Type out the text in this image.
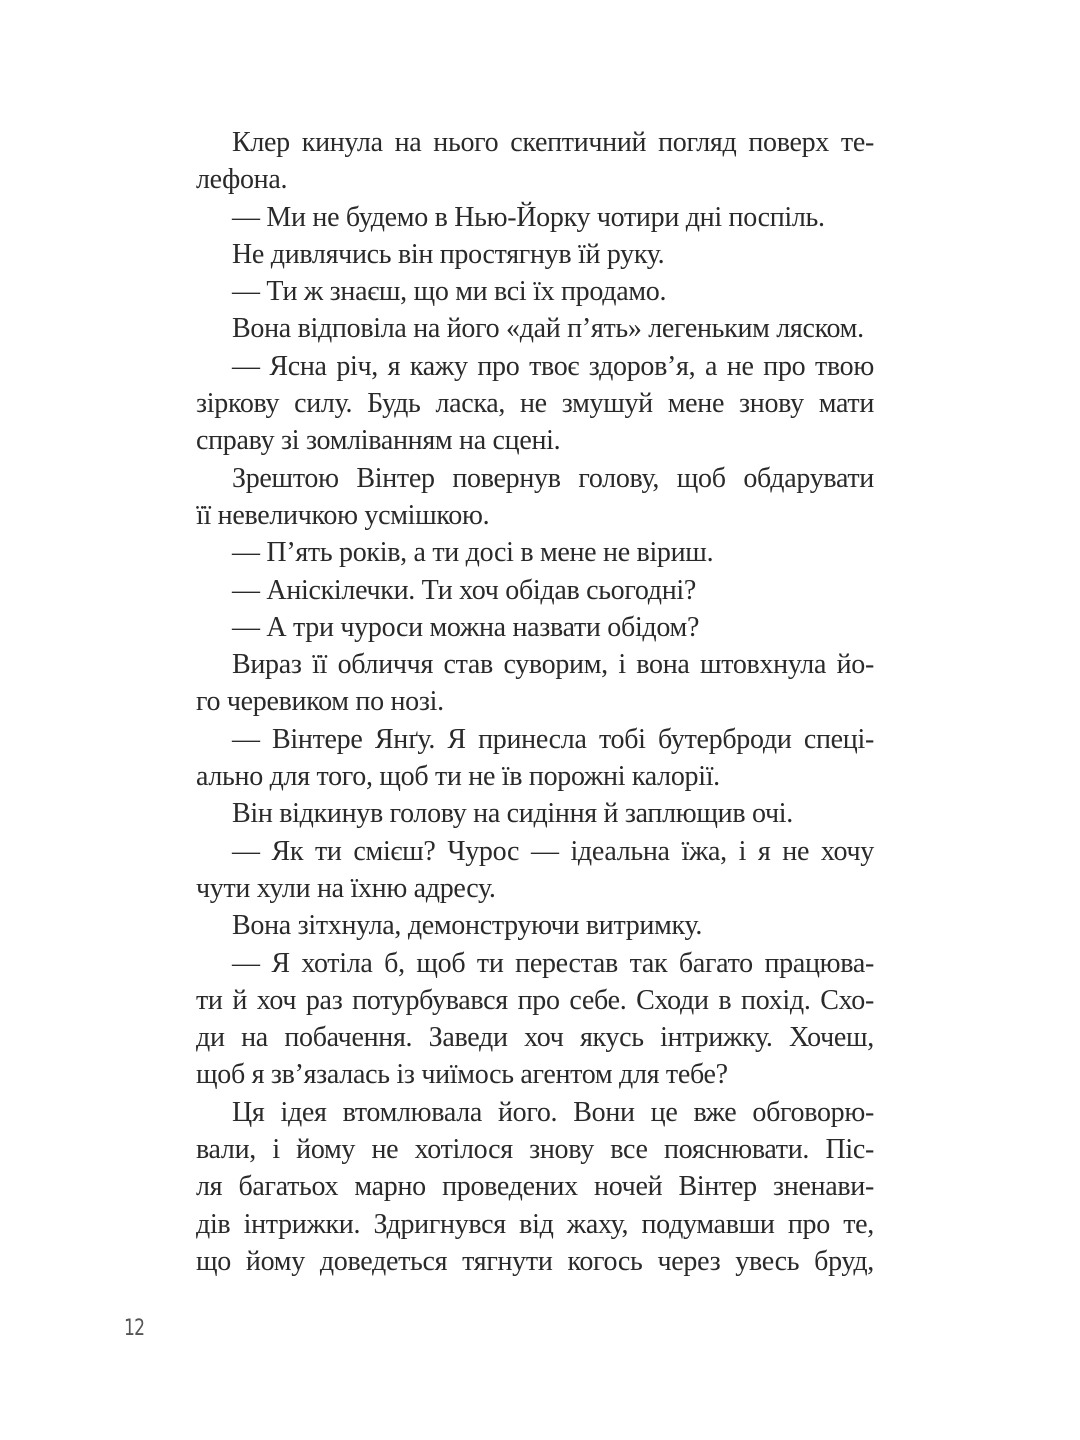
Клер кинула на нього скептичний погляд поверх те-
лефона.
— Ми не будемо в Нью-Йорку чотири дні поспіль.
Не дивлячись він простягнув їй руку.
— Ти ж знаєш, що ми всі їх продамо.
Вона відповіла на його «дай п’ять» легеньким ляском.
— Ясна річ, я кажу про твоє здоров’я, а не про твою
зіркову силу. Будь ласка, не змушуй мене знову мати
справу зі зомліванням на сцені.
Зрештою Вінтер повернув голову, щоб обдарувати
її невеличкою усмішкою.
— П’ять років, а ти досі в мене не віриш.
— Аніскілечки. Ти хоч обідав сьогодні?
— А три чуроси можна назвати обідом?
Вираз її обличчя став суворим, і вона штовхнула йо-
го черевиком по нозі.
— Вінтере Янґу. Я принесла тобі бутерброди спеці-
ально для того, щоб ти не їв порожні калорії.
Він відкинув голову на сидіння й заплющив очі.
— Як ти смієш? Чурос — ідеальна їжа, і я не хочу
чути хули на їхню адресу.
Вона зітхнула, демонструючи витримку.
— Я хотіла б, щоб ти перестав так багато працюва-
ти й хоч раз потурбувався про себе. Сходи в похід. Схо-
ди на побачення. Заведи хоч якусь інтрижку. Хочеш,
щоб я зв’язалась із чиїмось агентом для тебе?
Ця ідея втомлювала його. Вони це вже обговорю-
вали, і йому не хотілося знову все пояснювати. Піс-
ля багатьох марно проведених ночей Вінтер зненави-
дів інтрижки. Здригнувся від жаху, подумавши про те,
що йому доведеться тягнути когось через увесь бруд,
12
